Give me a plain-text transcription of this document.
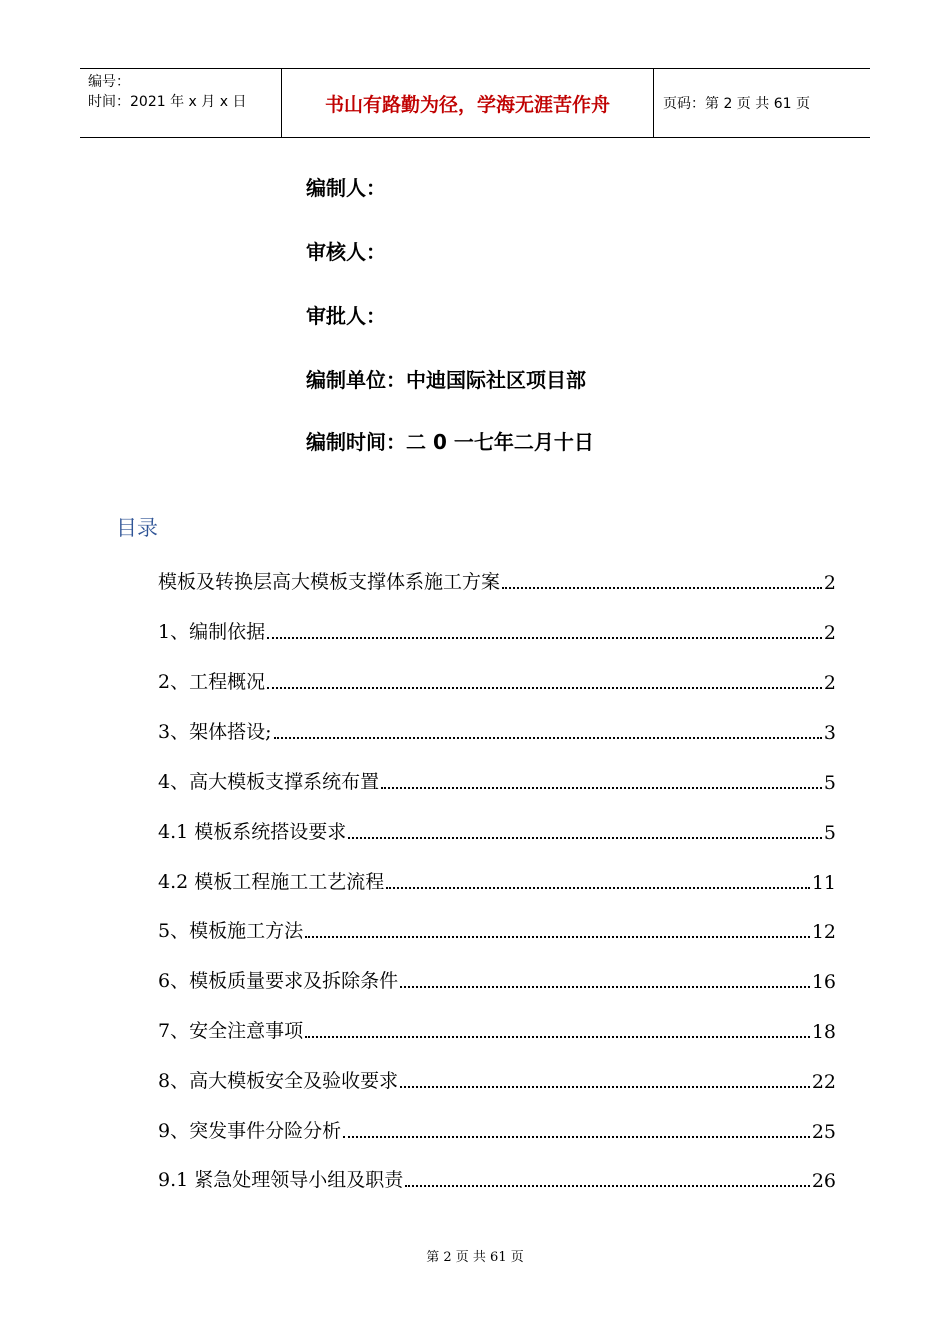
编号：
时间：2021 年 x 月 x 日	书山有路勤为径，学海无涯苦作舟	页码：第 2 页 共 61 页
编制人：
审核人：
审批人：
编制单位：中迪国际社区项目部
编制时间：二 0 一七年二月十日
目录
模板及转换层高大模板支撑体系施工方案	2
1、编制依据	2
2、工程概况	2
3、架体搭设;	3
4、高大模板支撑系统布置	5
4.1 模板系统搭设要求	5
4.2 模板工程施工工艺流程	11
5、模板施工方法	12
6、模板质量要求及拆除条件	16
7、安全注意事项	18
8、高大模板安全及验收要求	22
9、突发事件分险分析	25
9.1 紧急处理领导小组及职责	26
第 2 页 共 61 页
